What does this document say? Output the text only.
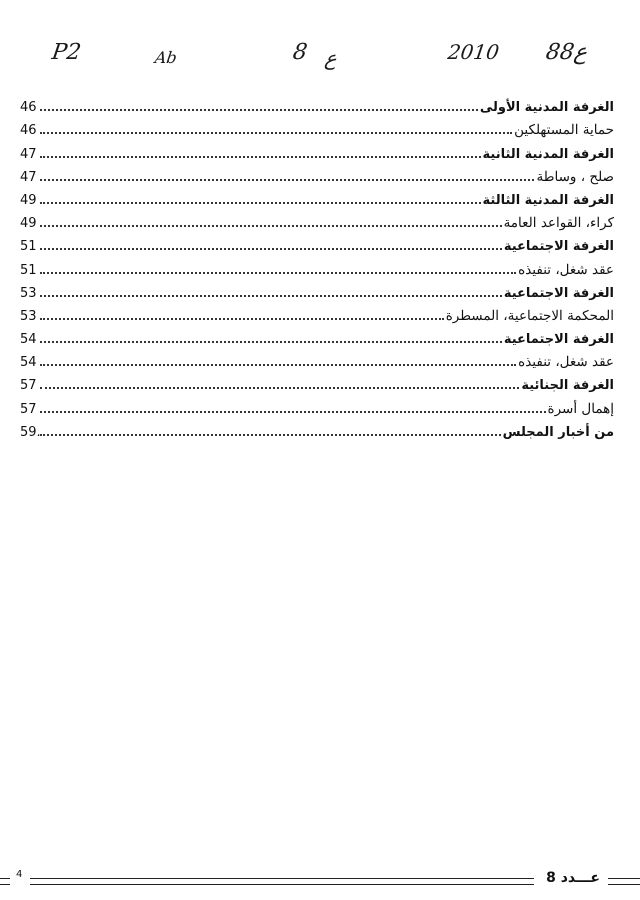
P2	Ab	8 ع	2010 ع88
46	الغرفة المدنية الأولى
46	حماية المستهلكين
47	الغرفة المدنية الثانية
47	صلح ، وساطة
49	الغرفة المدنية الثالثة
49	كراء، القواعد العامة
51	الغرفة الاجتماعية
51	عقد شغل، تنفيذه
53	الغرفة الاجتماعية
53	المحكمة الاجتماعية، المسطرة
54	الغرفة الاجتماعية
54	عقد شغل، تنفيذه
57	الغرفة الجنائية
57	إهمال أسرة
59.	من أخبار المجلس
4	عـــدد 8
